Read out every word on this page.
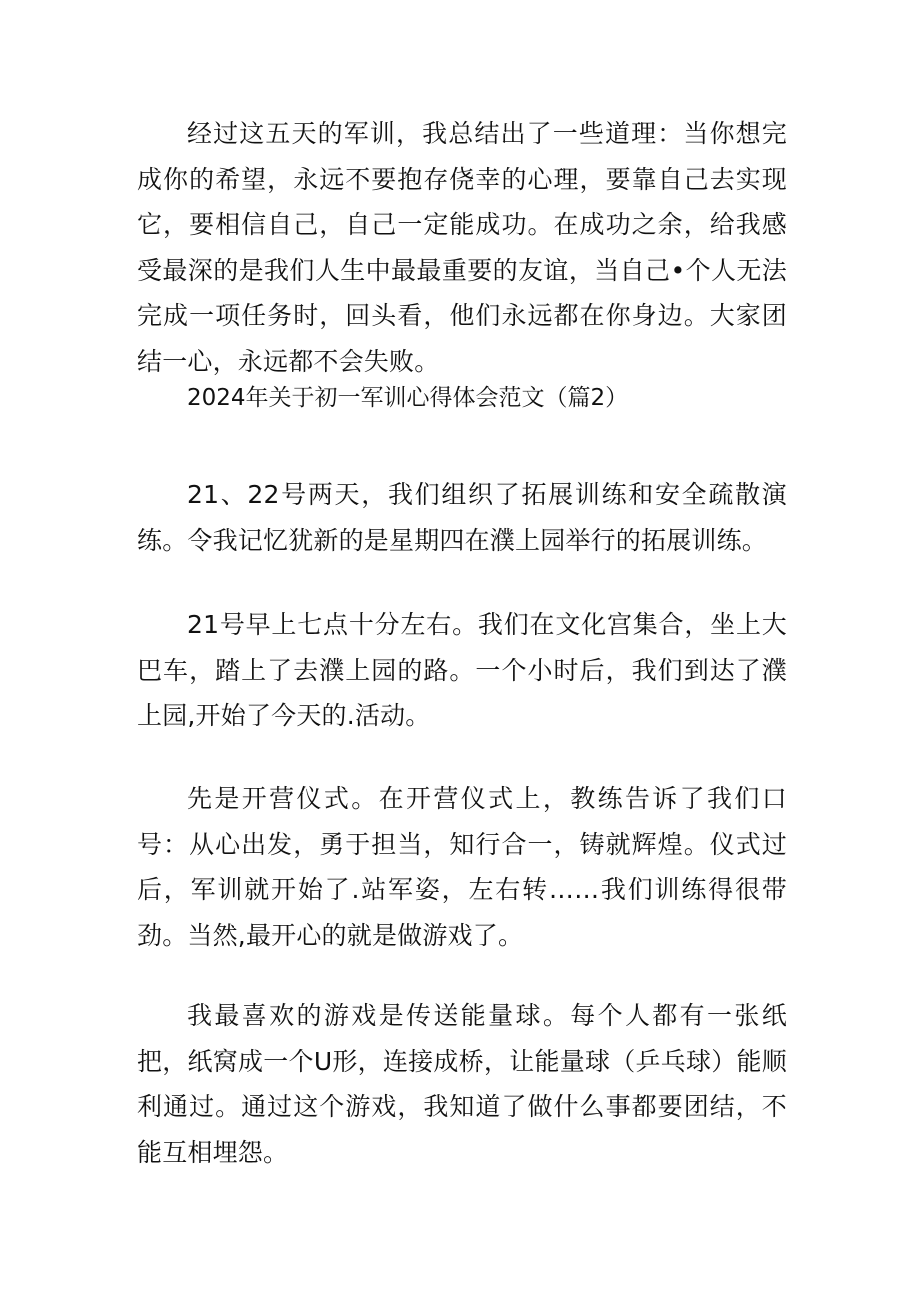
经过这五天的军训，我总结出了一些道理：当你想完成你的希望，永远不要抱存侥幸的心理，要靠自己去实现它，要相信自己，自己一定能成功。在成功之余，给我感受最深的是我们人生中最最重要的友谊，当自己•个人无法完成一项任务时，回头看，他们永远都在你身边。大家团结一心，永远都不会失败。

2024年关于初一军训心得体会范文（篇2）

21、22号两天，我们组织了拓展训练和安全疏散演练。令我记忆犹新的是星期四在濮上园举行的拓展训练。

21号早上七点十分左右。我们在文化宫集合，坐上大巴车，踏上了去濮上园的路。一个小时后，我们到达了濮上园,开始了今天的.活动。

先是开营仪式。在开营仪式上，教练告诉了我们口号：从心出发，勇于担当，知行合一，铸就辉煌。仪式过后，军训就开始了.站军姿，左右转……我们训练得很带劲。当然,最开心的就是做游戏了。

我最喜欢的游戏是传送能量球。每个人都有一张纸把，纸窝成一个U形，连接成桥，让能量球（乒乓球）能顺利通过。通过这个游戏，我知道了做什么事都要团结，不能互相埋怨。
